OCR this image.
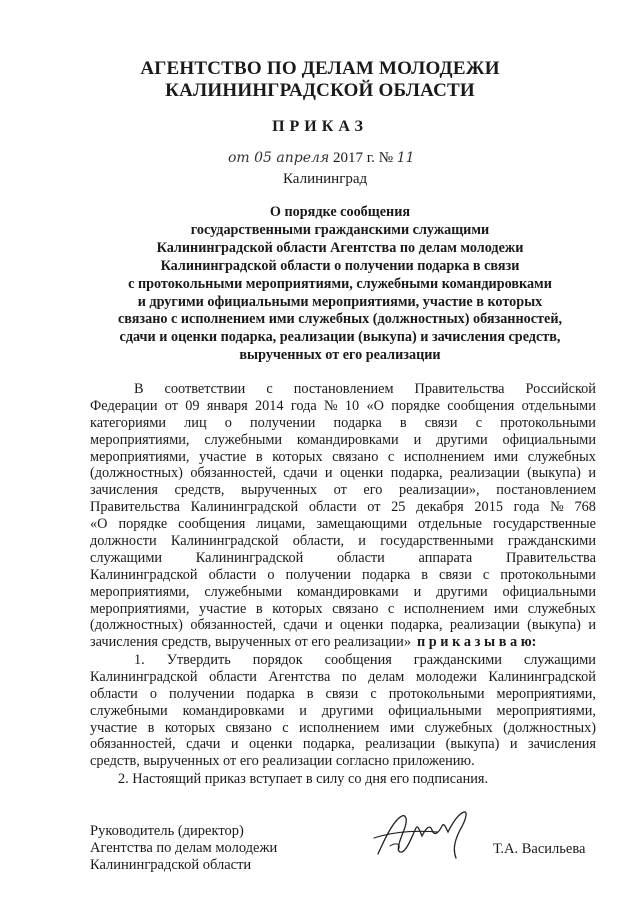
АГЕНТСТВО ПО ДЕЛАМ МОЛОДЕЖИ
КАЛИНИНГРАДСКОЙ ОБЛАСТИ
ПРИКАЗ
от 05 апреля 2017 г. № 11
Калининград
О порядке сообщения
государственными гражданскими служащими
Калининградской области Агентства по делам молодежи
Калининградской области о получении подарка в связи
с протокольными мероприятиями, служебными командировками
и другими официальными мероприятиями, участие в которых
связано с исполнением ими служебных (должностных) обязанностей,
сдачи и оценки подарка, реализации (выкупа) и зачисления средств,
вырученных от его реализации
В соответствии с постановлением Правительства Российской
Федерации от 09 января 2014 года № 10 «О порядке сообщения отдельными
категориями лиц о получении подарка в связи с протокольными
мероприятиями, служебными командировками и другими официальными
мероприятиями, участие в которых связано с исполнением ими служебных
(должностных) обязанностей, сдачи и оценки подарка, реализации (выкупа) и
зачисления средств, вырученных от его реализации», постановлением
Правительства Калининградской области от 25 декабря 2015 года № 768
«О порядке сообщения лицами, замещающими отдельные государственные
должности Калининградской области, и государственными гражданскими
служащими Калининградской области аппарата Правительства
Калининградской области о получении подарка в связи с протокольными
мероприятиями, служебными командировками и другими официальными
мероприятиями, участие в которых связано с исполнением ими служебных
(должностных) обязанностей, сдачи и оценки подарка, реализации (выкупа) и
зачисления средств, вырученных от его реализации» п р и к а з ы в а ю:
1. Утвердить порядок сообщения гражданскими служащими
Калининградской области Агентства по делам молодежи Калининградской
области о получении подарка в связи с протокольными мероприятиями,
служебными командировками и другими официальными мероприятиями,
участие в которых связано с исполнением ими служебных (должностных)
обязанностей, сдачи и оценки подарка, реализации (выкупа) и зачисления
средств, вырученных от его реализации согласно приложению.
2. Настоящий приказ вступает в силу со дня его подписания.
Руководитель (директор)
Агентства по делам молодежи
Калининградской области
Т.А. Васильева
